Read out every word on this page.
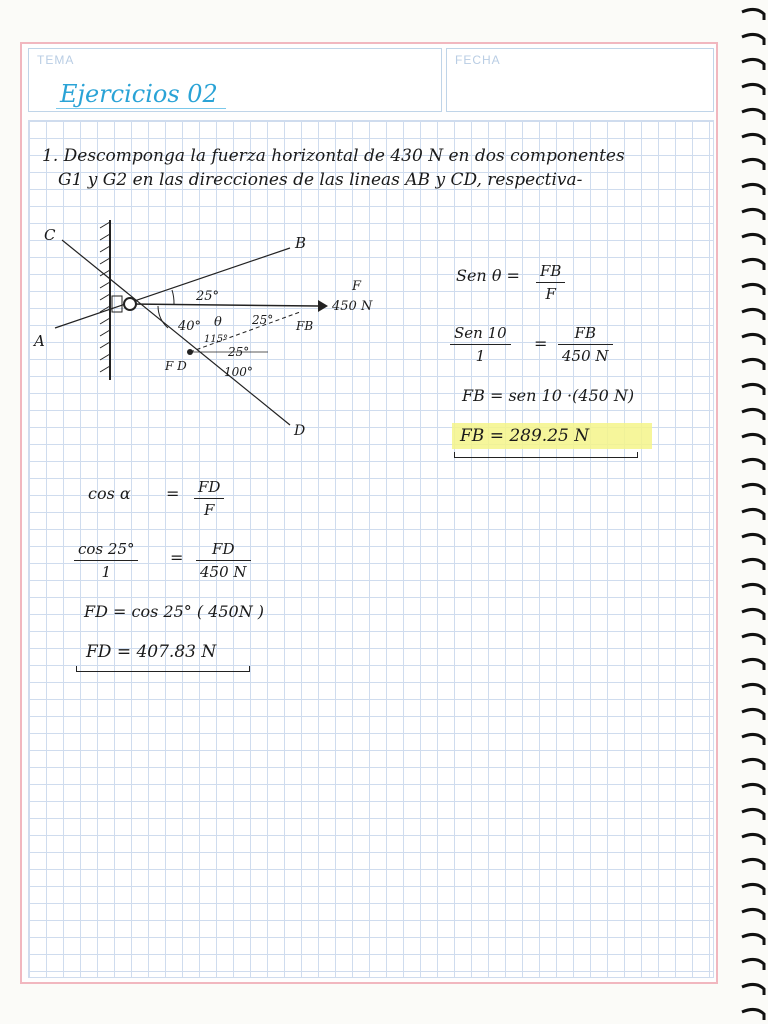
TEMA	FECHA
Ejercicios 02
1. Descomponga la fuerza horizontal de 430 N en dos componentes
G1 y G2 en las direcciones de las lineas AB y CD, respectiva-
C	B
A
D
F
450 N
FB
F D
25°
40° θ	25°
115°
25°
100°
Sen θ = FB
F
Sen 10
1
=
FB
450 N
FB = sen 10 ·(450 N)
FB = 289.25 N
cos α = FD
F
cos 25°
1
= FD
450 N
FD = cos 25° ( 450N )
FD = 407.83 N
